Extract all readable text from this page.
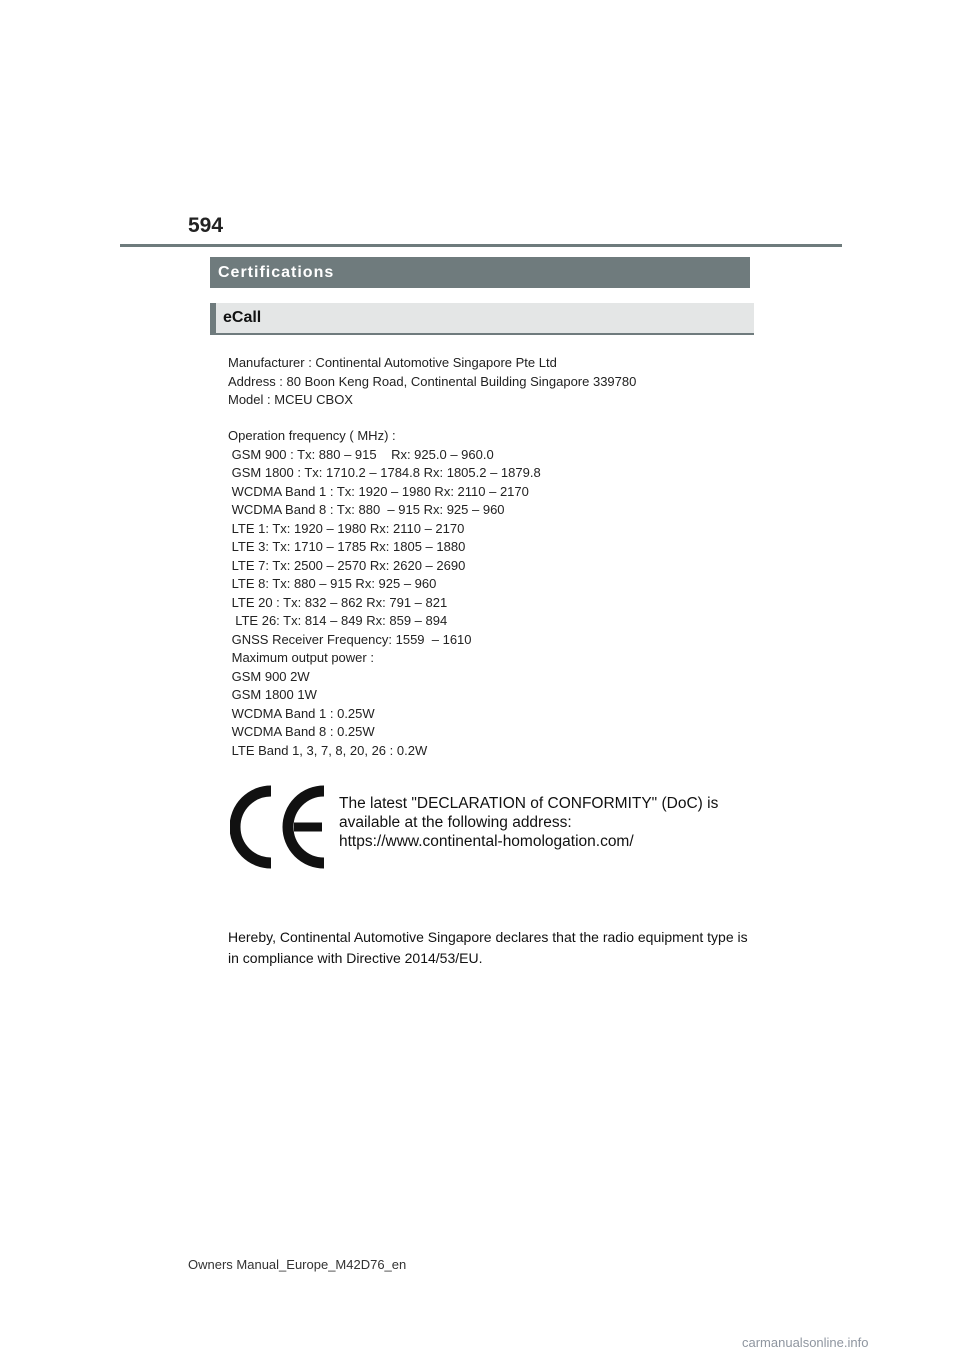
594
Certifications
eCall
Manufacturer : Continental Automotive Singapore Pte Ltd
Address : 80 Boon Keng Road, Continental Building Singapore 339780
Model : MCEU CBOX
Operation frequency ( MHz) :
GSM 900 : Tx: 880 – 915    Rx: 925.0 – 960.0
GSM 1800 : Tx: 1710.2 – 1784.8 Rx: 1805.2 – 1879.8
WCDMA Band 1 : Tx: 1920 – 1980 Rx: 2110 – 2170
WCDMA Band 8 : Tx: 880  – 915 Rx: 925 – 960
LTE 1: Tx: 1920 – 1980 Rx: 2110 – 2170
LTE 3: Tx: 1710 – 1785 Rx: 1805 – 1880
LTE 7: Tx: 2500 – 2570 Rx: 2620 – 2690
LTE 8: Tx: 880 – 915 Rx: 925 – 960
LTE 20 : Tx: 832 – 862 Rx: 791 – 821
LTE 26: Tx: 814 – 849 Rx: 859 – 894
GNSS Receiver Frequency: 1559  – 1610
Maximum output power :
GSM 900 2W
GSM 1800 1W
WCDMA Band 1 : 0.25W
WCDMA Band 8 : 0.25W
LTE Band 1, 3, 7, 8, 20, 26 : 0.2W
The latest "DECLARATION of CONFORMITY" (DoC) is
available at the following address:
https://www.continental-homologation.com/
Hereby, Continental Automotive Singapore declares that the radio equipment type is in compliance with Directive 2014/53/EU.
Owners Manual_Europe_M42D76_en
carmanualsonline.info
